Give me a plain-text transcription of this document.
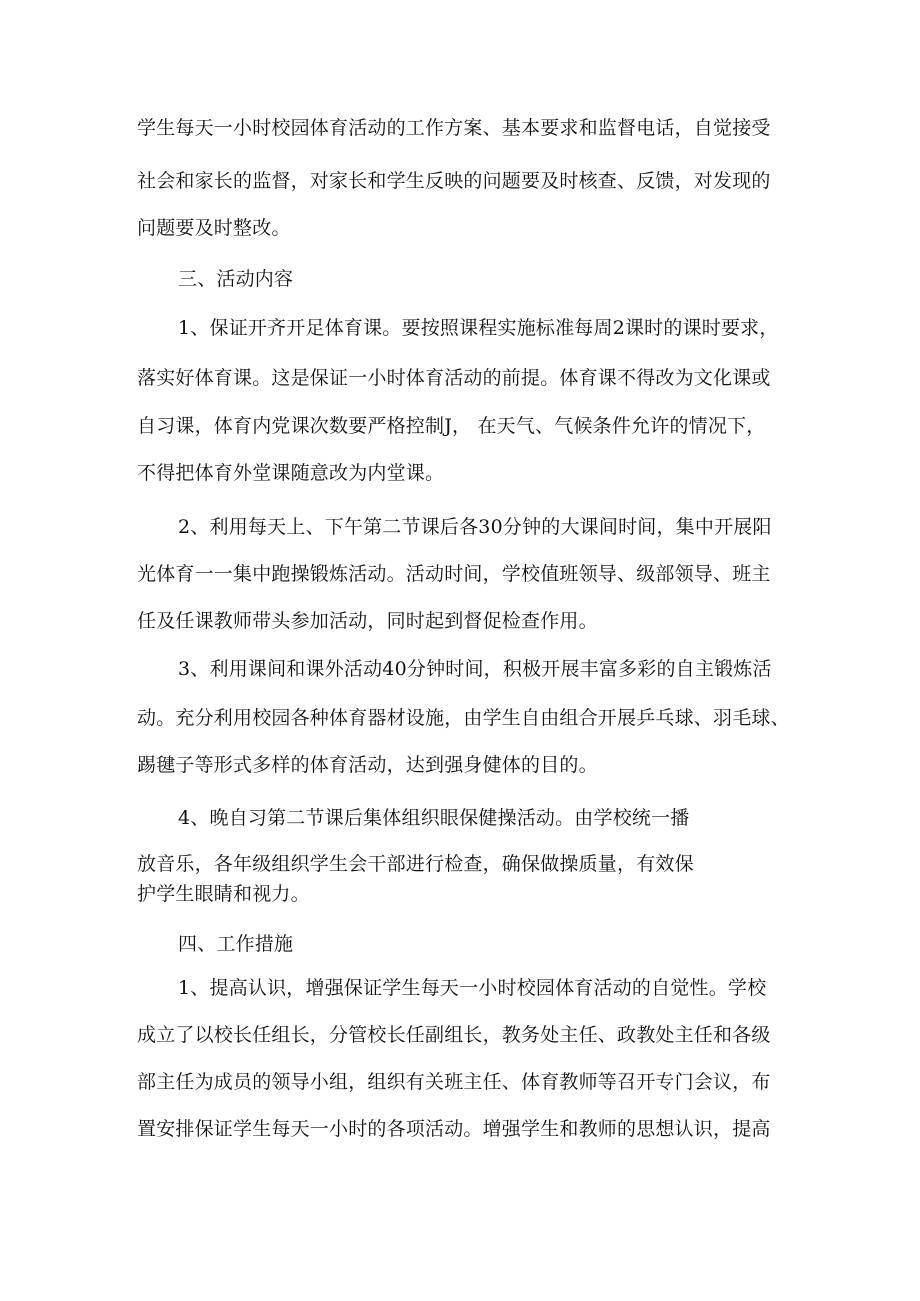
学生每天一小时校园体育活动的工作方案、基本要求和监督电话，自觉接受
社会和家长的监督，对家长和学生反映的问题要及时核查、反馈，对发现的
问题要及时整改。
三、活动内容
1、保证开齐开足体育课。要按照课程实施标准每周2课时的课时要求，
落实好体育课。这是保证一小时体育活动的前提。体育课不得改为文化课或
自习课，体育内党课次数要严格控制J， 在天气、气候条件允许的情况下，
不得把体育外堂课随意改为内堂课。
2、利用每天上、下午第二节课后各30分钟的大课间时间，集中开展阳
光体育一一集中跑操锻炼活动。活动时间，学校值班领导、级部领导、班主
任及任课教师带头参加活动，同时起到督促检查作用。
3、利用课间和课外活动40分钟时间，积极开展丰富多彩的自主锻炼活
动。充分利用校园各种体育器材设施，由学生自由组合开展乒乓球、羽毛球、
踢毽子等形式多样的体育活动，达到强身健体的目的。
4、晚自习第二节课后集体组织眼保健操活动。由学校统一播
放音乐，各年级组织学生会干部进行检查，确保做操质量，有效保
护学生眼睛和视力。
四、工作措施
1、提高认识，增强保证学生每天一小时校园体育活动的自觉性。学校
成立了以校长任组长，分管校长任副组长，教务处主任、政教处主任和各级
部主任为成员的领导小组，组织有关班主任、体育教师等召开专门会议，布
置安排保证学生每天一小时的各项活动。增强学生和教师的思想认识，提高
